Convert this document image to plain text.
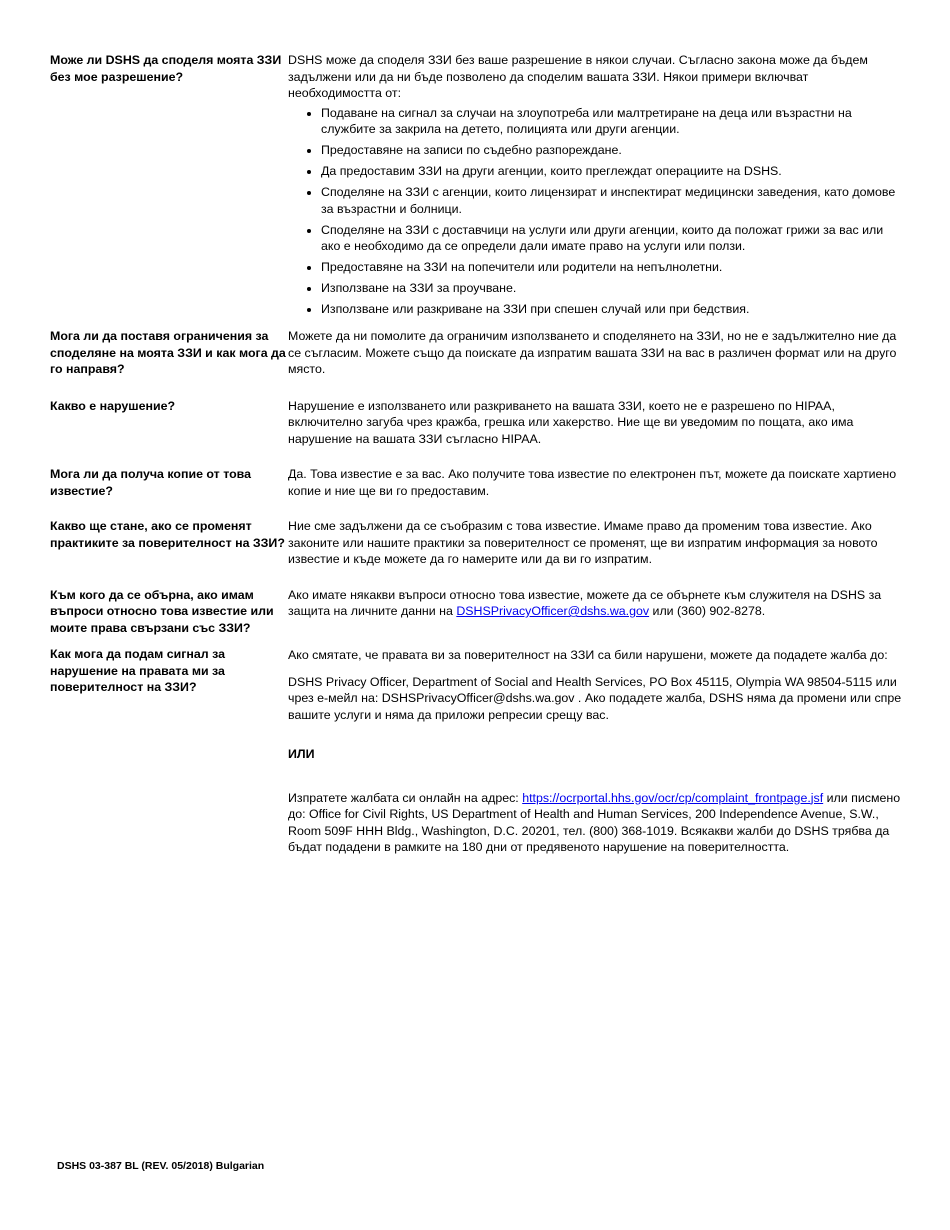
Може ли DSHS да споделя моята ЗЗИ без мое разрешение?

DSHS може да споделя ЗЗИ без ваше разрешение в някои случаи. Съгласно закона може да бъдем задължени или да ни бъде позволено да споделим вашата ЗЗИ. Някои примери включват необходимостта от:

• Подаване на сигнал за случаи на злоупотреба или малтретиране на деца или възрастни на службите за закрила на детето, полицията или други агенции.
• Предоставяне на записи по съдебно разпореждане.
• Да предоставим ЗЗИ на други агенции, които преглеждат операциите на DSHS.
• Споделяне на ЗЗИ с агенции, които лицензират и инспектират медицински заведения, като домове за възрастни и болници.
• Споделяне на ЗЗИ с доставчици на услуги или други агенции, които да положат грижи за вас или ако е необходимо да се определи дали имате право на услуги или ползи.
• Предоставяне на ЗЗИ на попечители или родители на непълнолетни.
• Използване на ЗЗИ за проучване.
• Използване или разкриване на ЗЗИ при спешен случай или при бедствия.
Мога ли да поставя ограничения за споделяне на моята ЗЗИ и как мога да го направя?
Можете да ни помолите да ограничим използването и споделянето на ЗЗИ, но не е задължително ние да се съгласим. Можете също да поискате да изпратим вашата ЗЗИ на вас в различен формат или на друго място.
Какво е нарушение?	Нарушение е използването или разкриването на вашата ЗЗИ, което не е разрешено по HIPAA, включително загуба чрез кражба, грешка или хакерство. Ние ще ви уведомим по пощата, ако има нарушение на вашата ЗЗИ съгласно HIPAA.
Мога ли да получа копие от това известие?
Да. Това известие е за вас. Ако получите това известие по електронен път, можете да поискате хартиено копие и ние ще ви го предоставим.
Какво ще стане, ако се променят практиките за поверителност на ЗЗИ?
Ние сме задължени да се съобразим с това известие. Имаме право да променим това известие. Ако законите или нашите практики за поверителност се променят, ще ви изпратим информация за новото известие и къде можете да го намерите или да ви го изпратим.
Към кого да се обърна, ако имам въпроси относно това известие или моите права свързани със ЗЗИ?
Ако имате някакви въпроси относно това известие, можете да се обърнете към служителя на DSHS за защита на личните данни на DSHSPrivacyOfficer@dshs.wa.gov или (360) 902-8278.
Как мога да подам сигнал за нарушение на правата ми за поверителност на ЗЗИ?

Ако смятате, че правата ви за поверителност на ЗЗИ са били нарушени, можете да подадете жалба до:

DSHS Privacy Officer, Department of Social and Health Services, PO Box 45115, Olympia WA 98504-5115 или чрез е-мейл на: DSHSPrivacyOfficer@dshs.wa.gov . Ако подадете жалба, DSHS няма да промени или спре вашите услуги и няма да приложи репресии срещу вас.

ИЛИ

Изпратете жалбата си онлайн на адрес: https://ocrportal.hhs.gov/ocr/cp/complaint_frontpage.jsf или писмено до: Office for Civil Rights, US Department of Health and Human Services, 200 Independence Avenue, S.W., Room 509F HHH Bldg., Washington, D.C. 20201, тел. (800) 368-1019. Всякакви жалби до DSHS трябва да бъдат подадени в рамките на 180 дни от предявеното нарушение на поверителността.

DSHS 03-387 BL (REV. 05/2018) Bulgarian
